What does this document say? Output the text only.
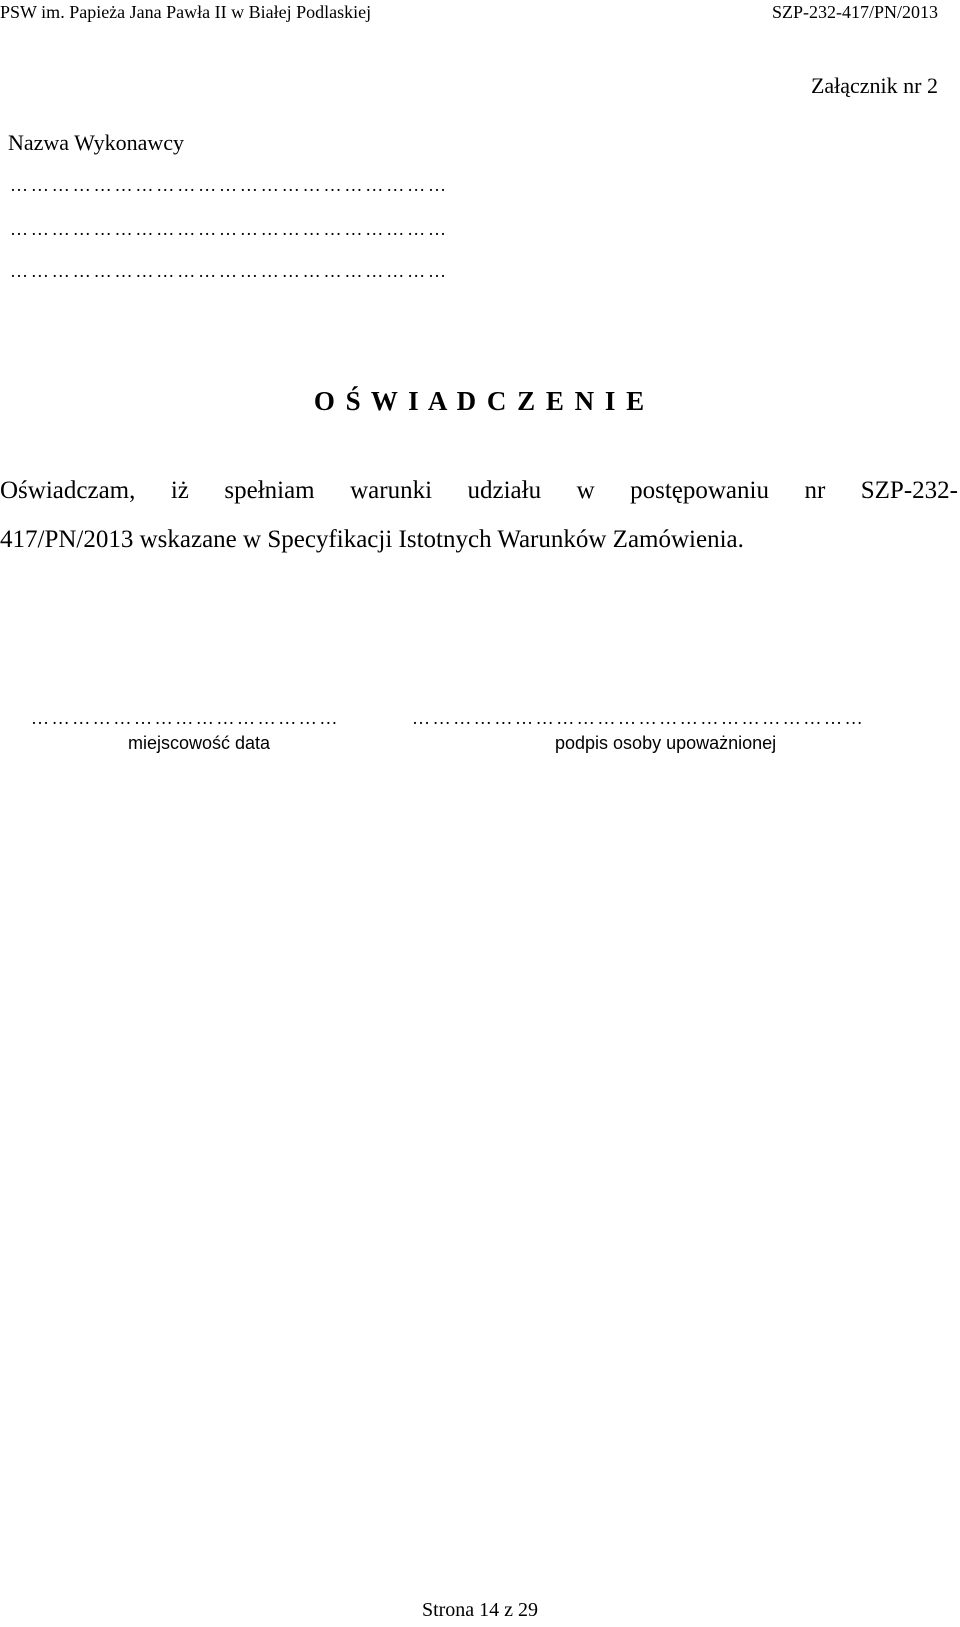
PSW im. Papieża Jana Pawła II w Białej Podlaskiej	SZP-232-417/PN/2013
Załącznik nr 2
Nazwa Wykonawcy
………………………………………………………
………………………………………………………
………………………………………………………
O Ś W I A D C Z E N I E
Oświadczam, iż spełniam warunki udziału w postępowaniu nr SZP-232-
417/PN/2013 wskazane w Specyfikacji Istotnych Warunków Zamówienia.
………………………………………
miejscowość data
…………………………………………………………
podpis osoby upoważnionej
Strona 14 z 29
